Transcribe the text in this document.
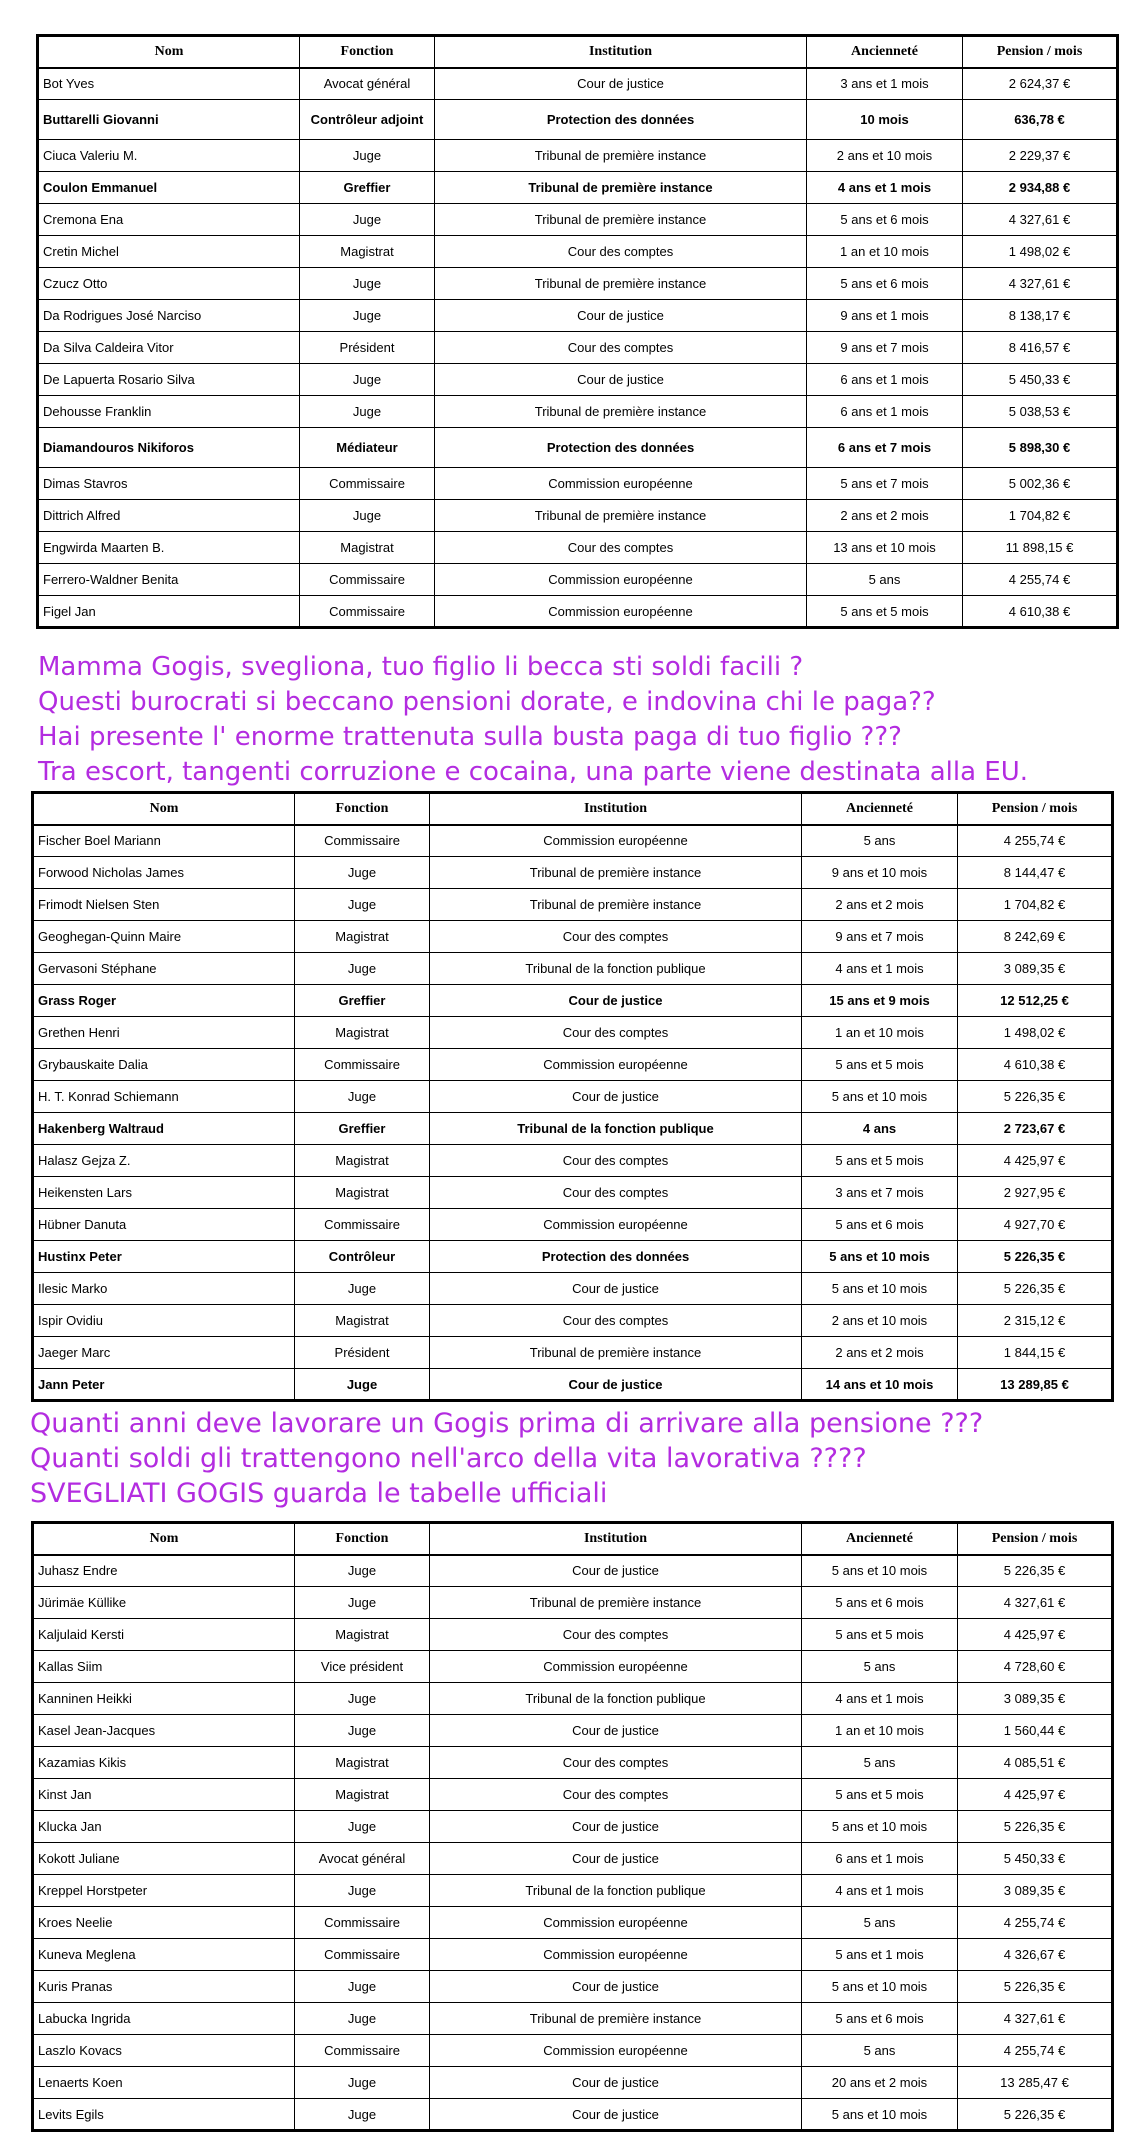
Nom	Fonction	Institution	Ancienneté	Pension / mois
Bot Yves	Avocat général	Cour de justice	3 ans et 1 mois	2 624,37 €
Buttarelli Giovanni	Contrôleur adjoint	Protection des données	10 mois	636,78 €
Ciuca Valeriu M.	Juge	Tribunal de première instance	2 ans et 10 mois	2 229,37 €
Coulon Emmanuel	Greffier	Tribunal de première instance	4 ans et 1 mois	2 934,88 €
Cremona Ena	Juge	Tribunal de première instance	5 ans et 6 mois	4 327,61 €
Cretin Michel	Magistrat	Cour des comptes	1 an et 10 mois	1 498,02 €
Czucz Otto	Juge	Tribunal de première instance	5 ans et 6 mois	4 327,61 €
Da Rodrigues José Narciso	Juge	Cour de justice	9 ans et 1 mois	8 138,17 €
Da Silva Caldeira Vitor	Président	Cour des comptes	9 ans et 7 mois	8 416,57 €
De Lapuerta Rosario Silva	Juge	Cour de justice	6 ans et 1 mois	5 450,33 €
Dehousse Franklin	Juge	Tribunal de première instance	6 ans et 1 mois	5 038,53 €
Diamandouros Nikiforos	Médiateur	Protection des données	6 ans et 7 mois	5 898,30 €
Dimas Stavros	Commissaire	Commission européenne	5 ans et 7 mois	5 002,36 €
Dittrich Alfred	Juge	Tribunal de première instance	2 ans et 2 mois	1 704,82 €
Engwirda Maarten B.	Magistrat	Cour des comptes	13 ans et 10 mois	11 898,15 €
Ferrero-Waldner Benita	Commissaire	Commission européenne	5 ans	4 255,74 €
Figel Jan	Commissaire	Commission européenne	5 ans et 5 mois	4 610,38 €
Mamma Gogis, svegliona, tuo figlio li becca sti soldi facili ?
Questi burocrati si beccano pensioni dorate, e indovina chi le paga??
Hai presente l' enorme trattenuta sulla busta paga di tuo figlio ???
Tra escort, tangenti corruzione e cocaina, una parte viene destinata alla EU.
Nom	Fonction	Institution	Ancienneté	Pension / mois
Fischer Boel Mariann	Commissaire	Commission européenne	5 ans	4 255,74 €
Forwood Nicholas James	Juge	Tribunal de première instance	9 ans et 10 mois	8 144,47 €
Frimodt Nielsen Sten	Juge	Tribunal de première instance	2 ans et 2 mois	1 704,82 €
Geoghegan-Quinn Maire	Magistrat	Cour des comptes	9 ans et 7 mois	8 242,69 €
Gervasoni Stéphane	Juge	Tribunal de la fonction publique	4 ans et 1 mois	3 089,35 €
Grass Roger	Greffier	Cour de justice	15 ans et 9 mois	12 512,25 €
Grethen Henri	Magistrat	Cour des comptes	1 an et 10 mois	1 498,02 €
Grybauskaite Dalia	Commissaire	Commission européenne	5 ans et 5 mois	4 610,38 €
H. T. Konrad Schiemann	Juge	Cour de justice	5 ans et 10 mois	5 226,35 €
Hakenberg Waltraud	Greffier	Tribunal de la fonction publique	4 ans	2 723,67 €
Halasz Gejza Z.	Magistrat	Cour des comptes	5 ans et 5 mois	4 425,97 €
Heikensten Lars	Magistrat	Cour des comptes	3 ans et 7 mois	2 927,95 €
Hübner Danuta	Commissaire	Commission européenne	5 ans et 6 mois	4 927,70 €
Hustinx Peter	Contrôleur	Protection des données	5 ans et 10 mois	5 226,35 €
Ilesic Marko	Juge	Cour de justice	5 ans et 10 mois	5 226,35 €
Ispir Ovidiu	Magistrat	Cour des comptes	2 ans et 10 mois	2 315,12 €
Jaeger Marc	Président	Tribunal de première instance	2 ans et 2 mois	1 844,15 €
Jann Peter	Juge	Cour de justice	14 ans et 10 mois	13 289,85 €
Quanti anni deve lavorare un Gogis prima di arrivare alla pensione ???
Quanti soldi gli trattengono nell'arco della vita lavorativa ????
SVEGLIATI GOGIS guarda le tabelle ufficiali
Nom	Fonction	Institution	Ancienneté	Pension / mois
Juhasz Endre	Juge	Cour de justice	5 ans et 10 mois	5 226,35 €
Jürimäe Küllike	Juge	Tribunal de première instance	5 ans et 6 mois	4 327,61 €
Kaljulaid Kersti	Magistrat	Cour des comptes	5 ans et 5 mois	4 425,97 €
Kallas Siim	Vice président	Commission européenne	5 ans	4 728,60 €
Kanninen Heikki	Juge	Tribunal de la fonction publique	4 ans et 1 mois	3 089,35 €
Kasel Jean-Jacques	Juge	Cour de justice	1 an et 10 mois	1 560,44 €
Kazamias Kikis	Magistrat	Cour des comptes	5 ans	4 085,51 €
Kinst Jan	Magistrat	Cour des comptes	5 ans et 5 mois	4 425,97 €
Klucka Jan	Juge	Cour de justice	5 ans et 10 mois	5 226,35 €
Kokott Juliane	Avocat général	Cour de justice	6 ans et 1 mois	5 450,33 €
Kreppel Horstpeter	Juge	Tribunal de la fonction publique	4 ans et 1 mois	3 089,35 €
Kroes Neelie	Commissaire	Commission européenne	5 ans	4 255,74 €
Kuneva Meglena	Commissaire	Commission européenne	5 ans et 1 mois	4 326,67 €
Kuris Pranas	Juge	Cour de justice	5 ans et 10 mois	5 226,35 €
Labucka Ingrida	Juge	Tribunal de première instance	5 ans et 6 mois	4 327,61 €
Laszlo Kovacs	Commissaire	Commission européenne	5 ans	4 255,74 €
Lenaerts Koen	Juge	Cour de justice	20 ans et 2 mois	13 285,47 €
Levits Egils	Juge	Cour de justice	5 ans et 10 mois	5 226,35 €
